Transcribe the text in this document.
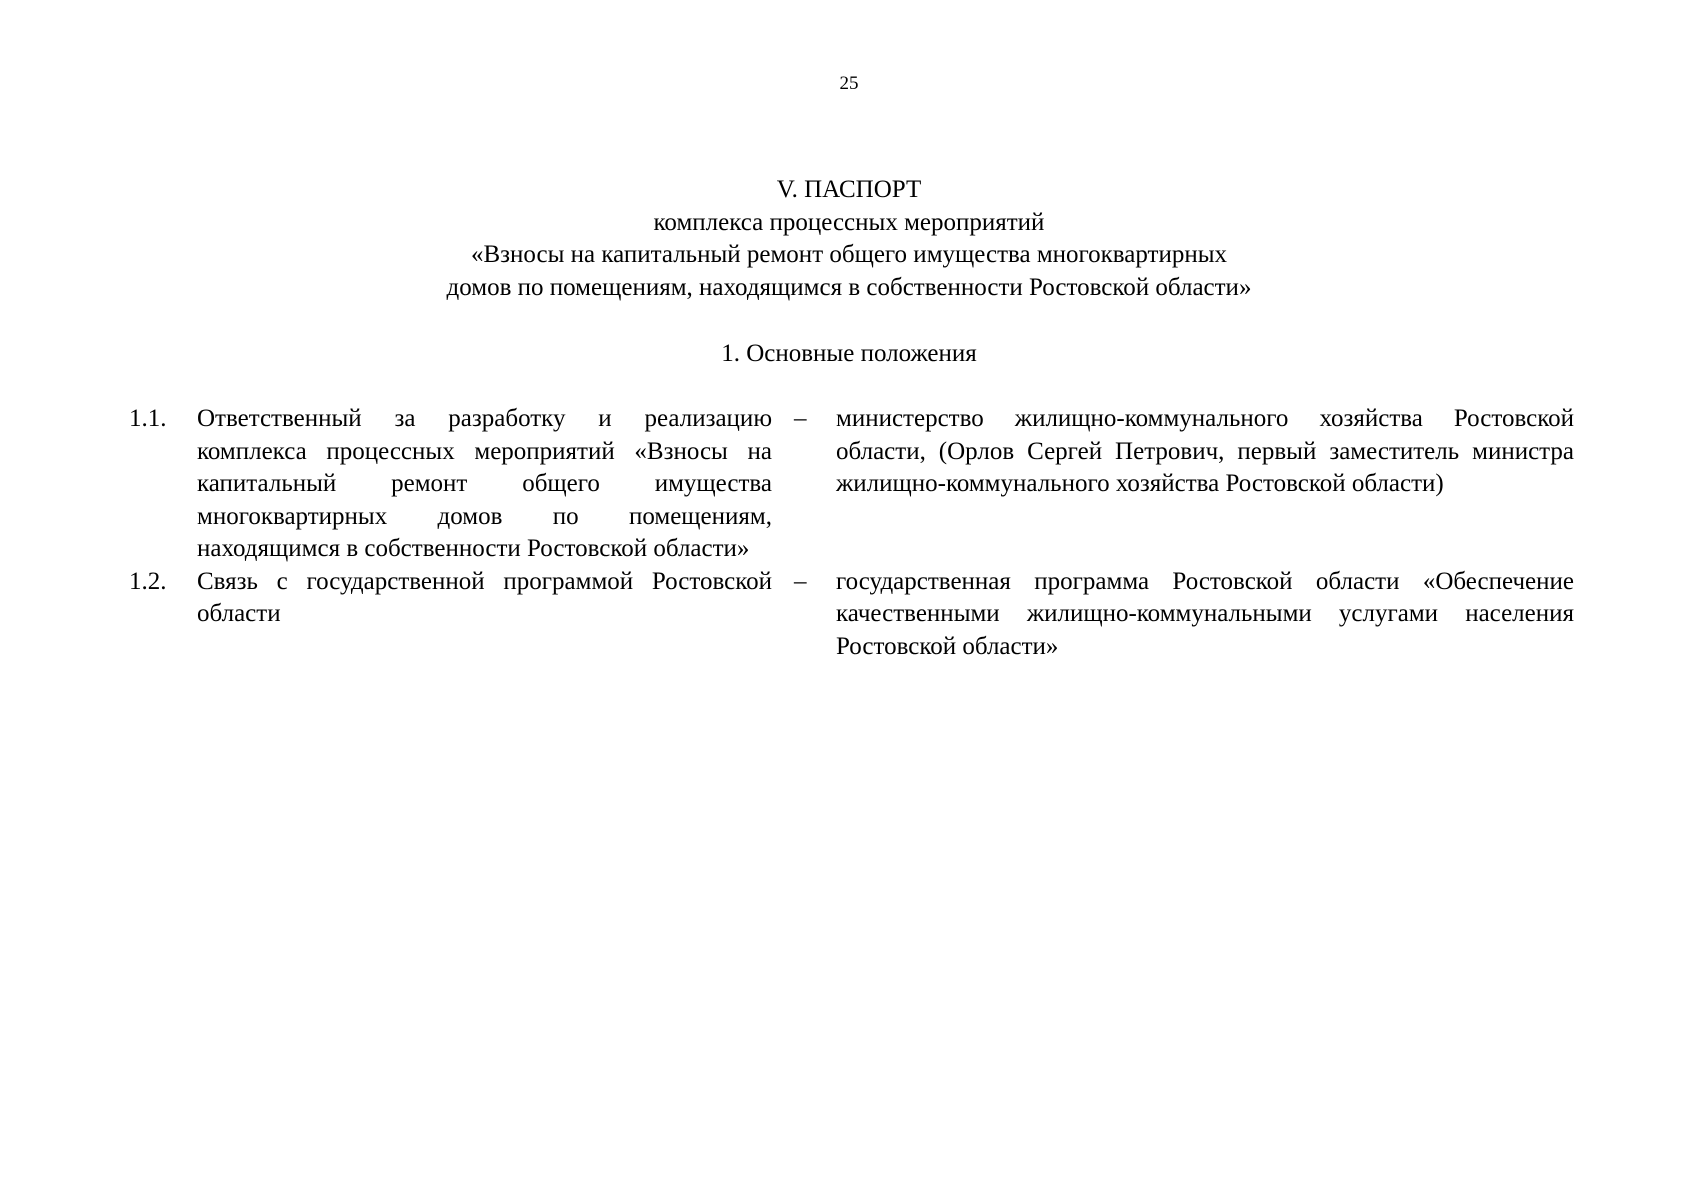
25
V. ПАСПОРТ
комплекса процессных мероприятий
«Взносы на капитальный ремонт общего имущества многоквартирных
домов по помещениям, находящимся в собственности Ростовской области»
1. Основные положения
1.1. Ответственный за разработку и реализацию комплекса процессных мероприятий «Взносы на капитальный ремонт общего имущества многоквартирных домов по помещениям, находящимся в собственности Ростовской области»
– министерство жилищно-коммунального хозяйства Ростовской области, (Орлов Сергей Петрович, первый заместитель министра жилищно-коммунального хозяйства Ростовской области)
1.2. Связь с государственной программой Ростовской области
– государственная программа Ростовской области «Обеспечение качественными жилищно-коммунальными услугами населения Ростовской области»
